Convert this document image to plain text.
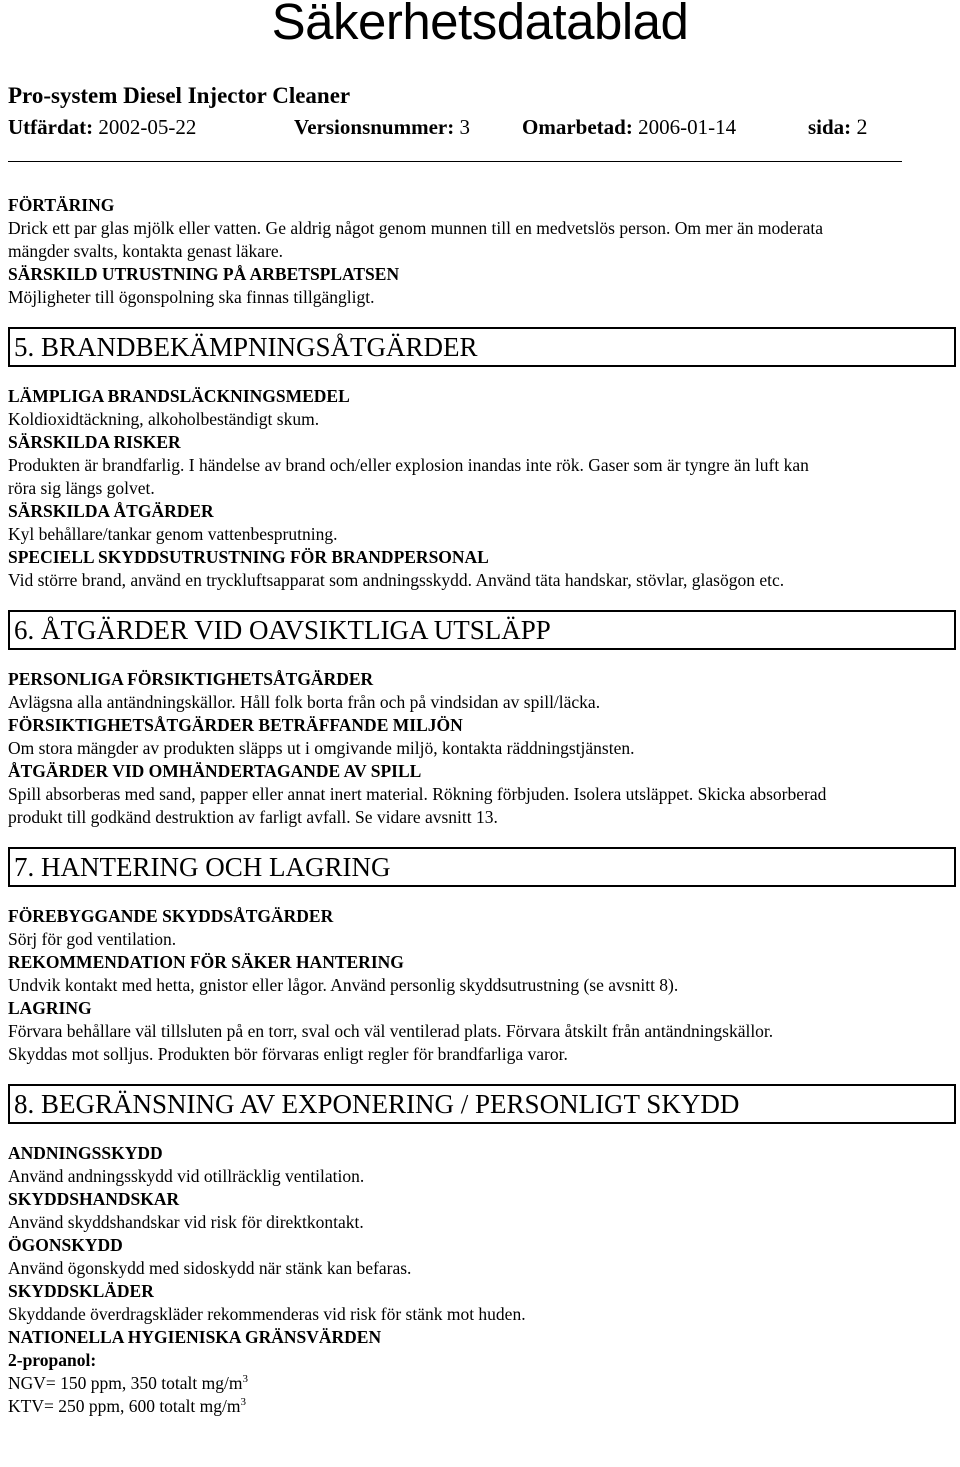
Säkerhetsdatablad
Pro-system Diesel Injector Cleaner
Utfärdat: 2002-05-22	Versionsnummer: 3 Omarbetad: 2006-01-14	sida: 2

FÖRTÄRING

Drick ett par glas mjölk eller vatten. Ge aldrig något genom munnen till en medvetslös person. Om mer än moderata

mängder svalts, kontakta genast läkare.

SÄRSKILD UTRUSTNING PÅ ARBETSPLATSEN

Möjligheter till ögonspolning ska finnas tillgängligt.

5. BRANDBEKÄMPNINGSÅTGÄRDER

LÄMPLIGA BRANDSLÄCKNINGSMEDEL

Koldioxidtäckning, alkoholbeständigt skum.

SÄRSKILDA RISKER

Produkten är brandfarlig. I händelse av brand och/eller explosion inandas inte rök. Gaser som är tyngre än luft kan

röra sig längs golvet.

SÄRSKILDA ÅTGÄRDER

Kyl behållare/tankar genom vattenbesprutning.

SPECIELL SKYDDSUTRUSTNING FÖR BRANDPERSONAL

Vid större brand, använd en tryckluftsapparat som andningsskydd. Använd täta handskar, stövlar, glasögon etc.

6. ÅTGÄRDER VID OAVSIKTLIGA UTSLÄPP

PERSONLIGA FÖRSIKTIGHETSÅTGÄRDER

Avlägsna alla antändningskällor. Håll folk borta från och på vindsidan av spill/läcka.

FÖRSIKTIGHETSÅTGÄRDER BETRÄFFANDE MILJÖN

Om stora mängder av produkten släpps ut i omgivande miljö, kontakta räddningstjänsten.

ÅTGÄRDER VID OMHÄNDERTAGANDE AV SPILL

Spill absorberas med sand, papper eller annat inert material. Rökning förbjuden. Isolera utsläppet. Skicka absorberad

produkt till godkänd destruktion av farligt avfall. Se vidare avsnitt 13.

7. HANTERING OCH LAGRING

FÖREBYGGANDE SKYDDSÅTGÄRDER

Sörj för god ventilation.

REKOMMENDATION FÖR SÄKER HANTERING

Undvik kontakt med hetta, gnistor eller lågor. Använd personlig skyddsutrustning (se avsnitt 8).

LAGRING

Förvara behållare väl tillsluten på en torr, sval och väl ventilerad plats. Förvara åtskilt från antändningskällor.

Skyddas mot solljus. Produkten bör förvaras enligt regler för brandfarliga varor.

8. BEGRÄNSNING AV EXPONERING / PERSONLIGT SKYDD

ANDNINGSSKYDD

Använd andningsskydd vid otillräcklig ventilation.

SKYDDSHANDSKAR

Använd skyddshandskar vid risk för direktkontakt.

ÖGONSKYDD

Använd ögonskydd med sidoskydd när stänk kan befaras.

SKYDDSKLÄDER

Skyddande överdragskläder rekommenderas vid risk för stänk mot huden.

NATIONELLA HYGIENISKA GRÄNSVÄRDEN

2-propanol:

NGV= 150 ppm, 350 totalt $mg/m^3$

KTV= 250 ppm, 600 totalt $mg/m^3$
